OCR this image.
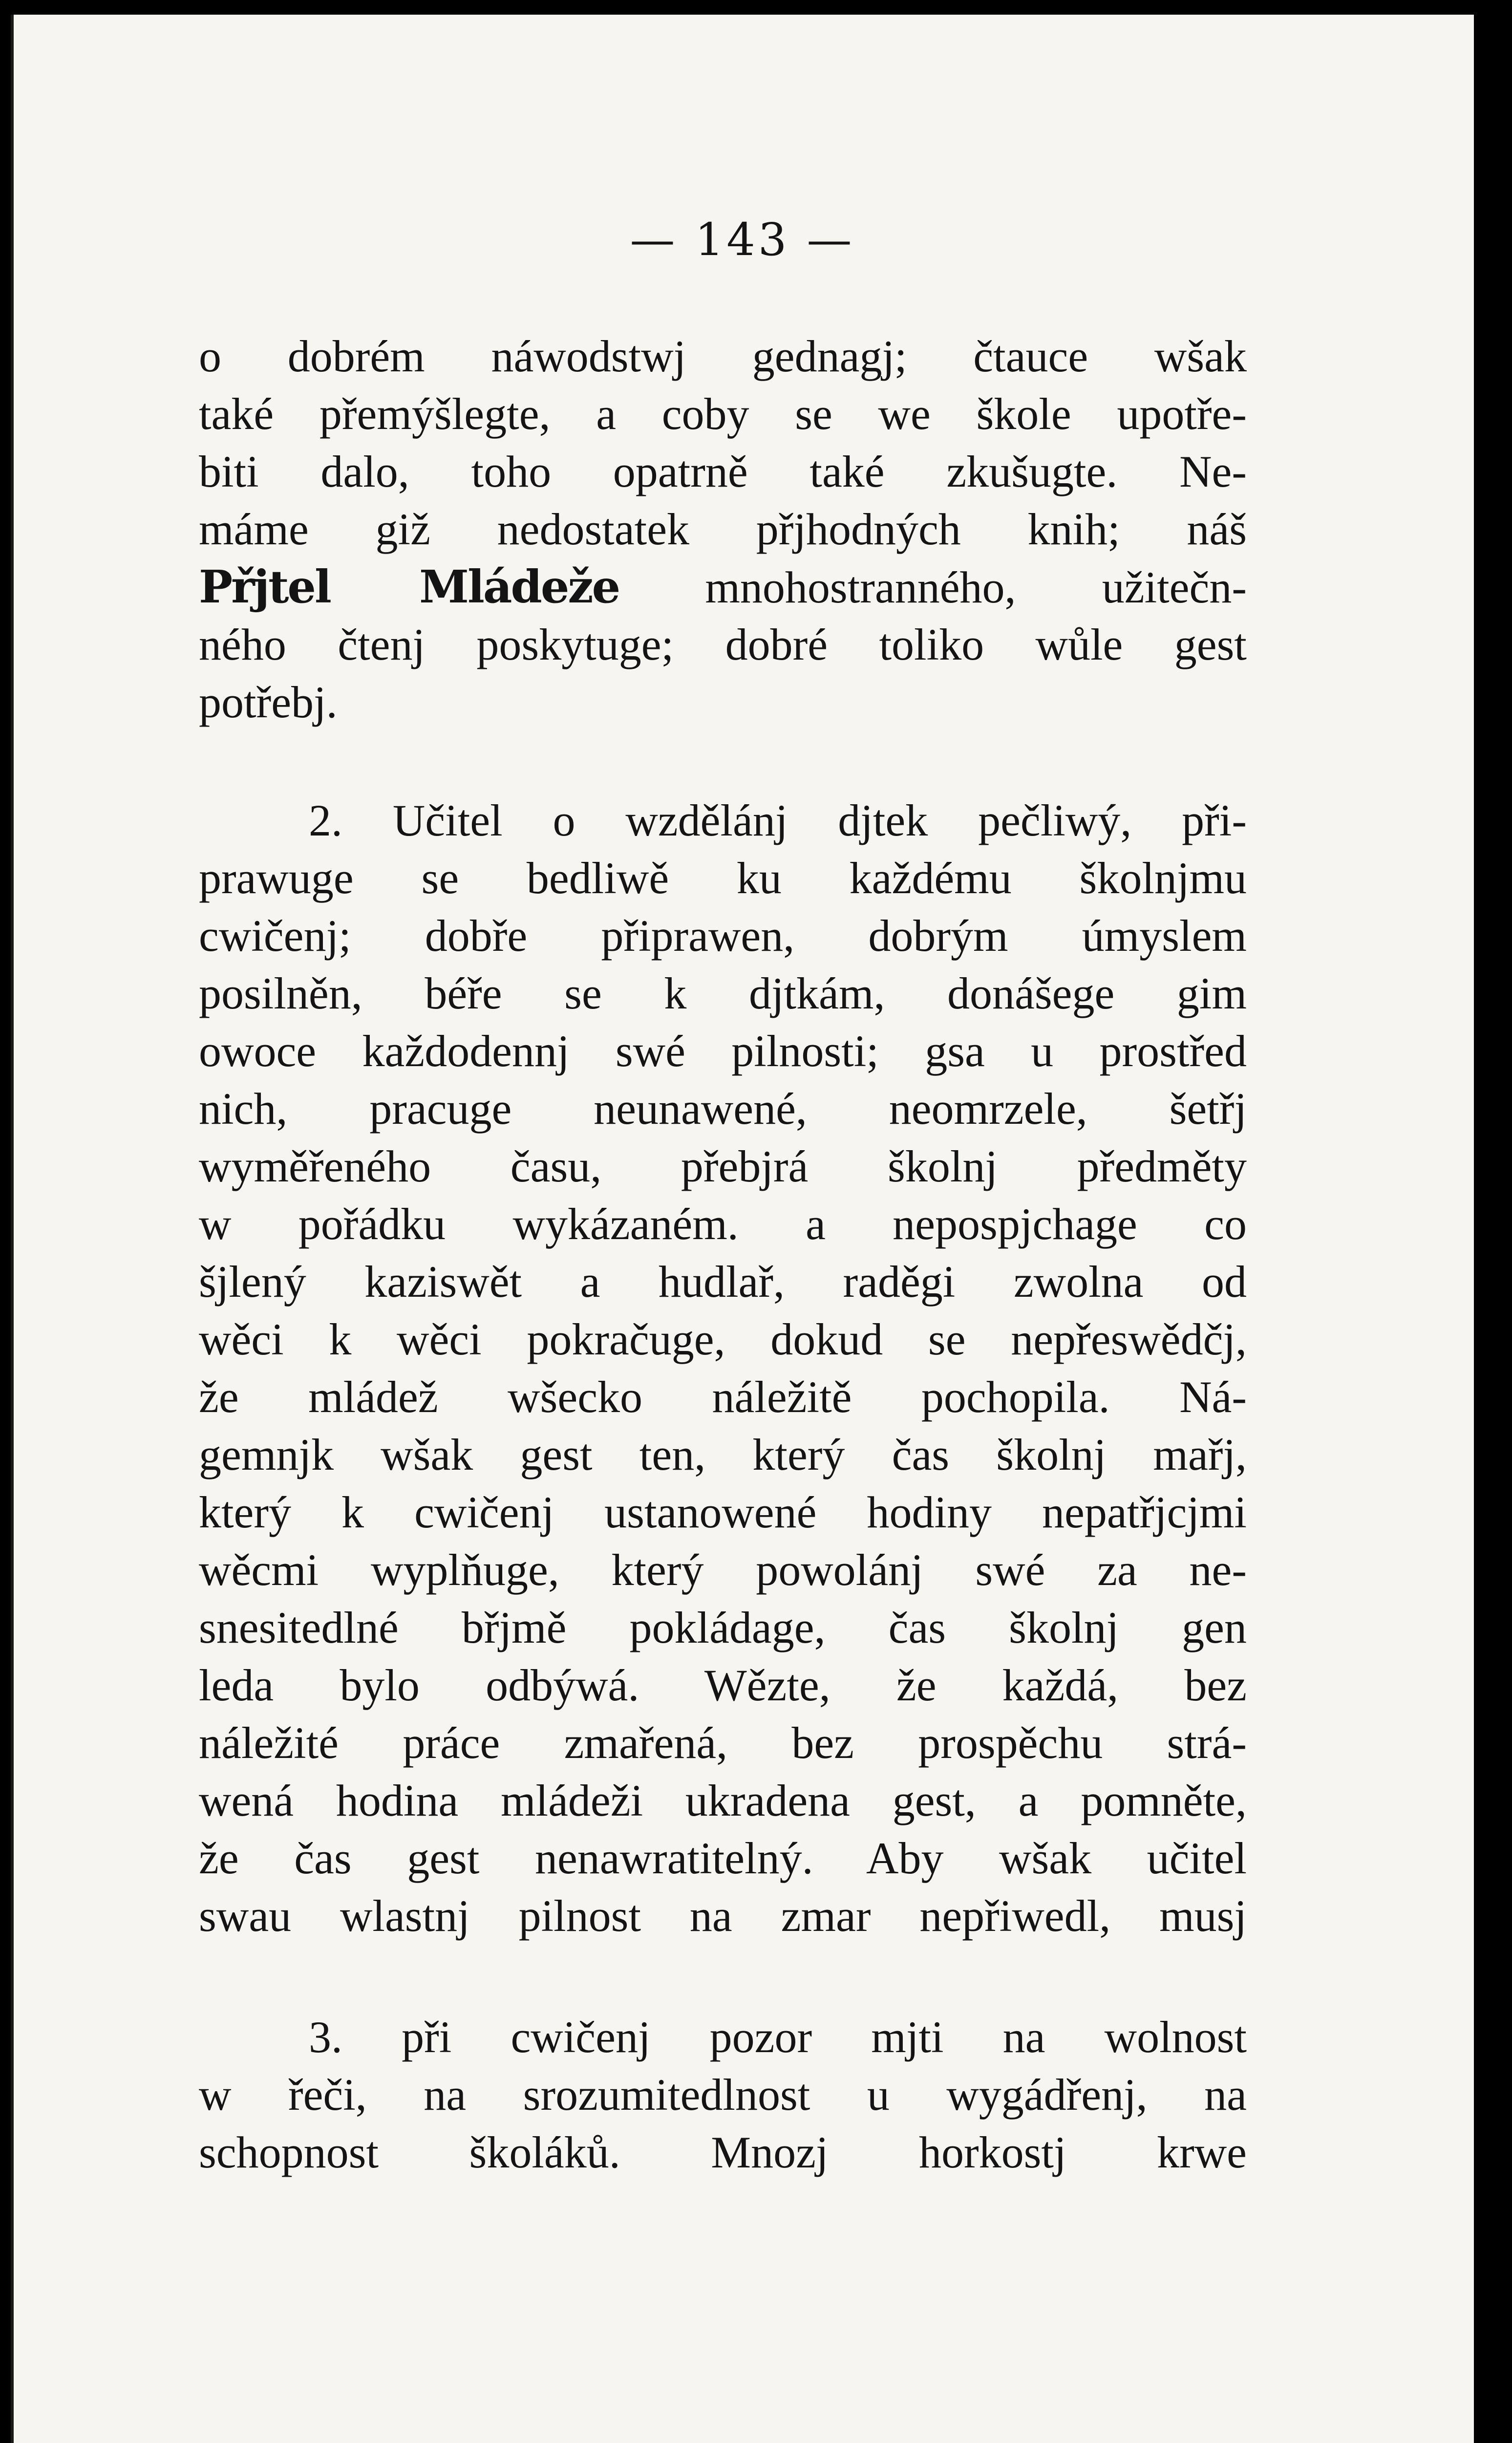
— 143 —
o dobrém náwodstwj gednagj; čtauce wšak
také přemýšlegte, a coby se we škole upotře-
biti dalo, toho opatrně také zkušugte. Ne-
máme giž nedostatek přjhodných knih; náš
Přjtel Mládeže mnohostranného, užitečn-
ného čtenj poskytuge; dobré toliko wůle gest
potřebj.
2. Učitel o wzdělánj djtek pečliwý, při-
prawuge se bedliwě ku každému školnjmu
cwičenj; dobře připrawen, dobrým úmyslem
posilněn, béře se k djtkám, donášege gim
owoce každodennj swé pilnosti; gsa u prostřed
nich, pracuge neunawené, neomrzele, šetřj
wyměřeného času, přebjrá školnj předměty
w pořádku wykázaném. a nepospjchage co
šjlený kaziswět a hudlař, raděgi zwolna od
wěci k wěci pokračuge, dokud se nepřeswědčj,
že mládež wšecko náležitě pochopila. Ná-
gemnjk wšak gest ten, který čas školnj mařj,
který k cwičenj ustanowené hodiny nepatřjcjmi
wěcmi wyplňuge, který powolánj swé za ne-
snesitedlné břjmě pokládage, čas školnj gen
leda bylo odbýwá. Wězte, že každá, bez
náležité práce zmařená, bez prospěchu strá-
wená hodina mládeži ukradena gest, a pomněte,
že čas gest nenawratitelný. Aby wšak učitel
swau wlastnj pilnost na zmar nepřiwedl, musj
3. při cwičenj pozor mjti na wolnost
w řeči, na srozumitedlnost u wygádřenj, na
schopnost školáků. Mnozj horkostj krwe
